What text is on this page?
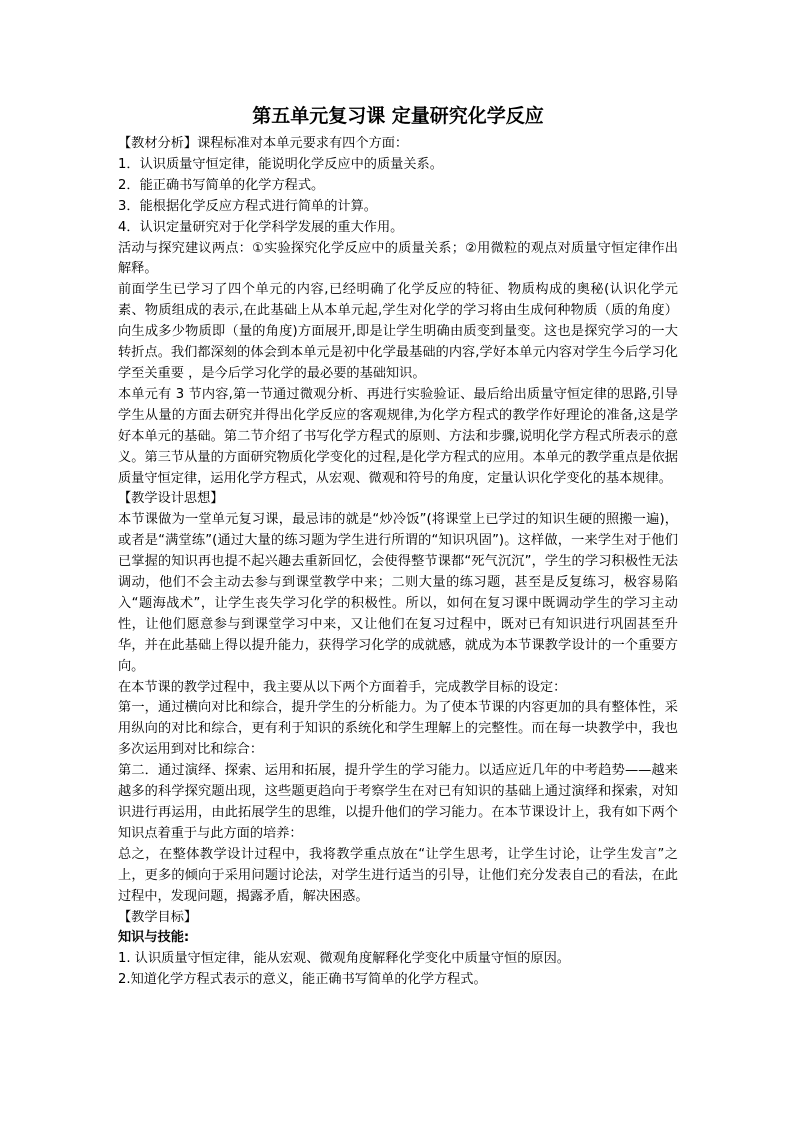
第五单元复习课 定量研究化学反应

【教材分析】课程标准对本单元要求有四个方面：

1．认识质量守恒定律，能说明化学反应中的质量关系。

2．能正确书写简单的化学方程式。

3．能根据化学反应方程式进行简单的计算。

4．认识定量研究对于化学科学发展的重大作用。

活动与探究建议两点：①实验探究化学反应中的质量关系；②用微粒的观点对质量守恒定律作出解释。

前面学生已学习了四个单元的内容,已经明确了化学反应的特征、物质构成的奥秘(认识化学元素、物质组成的表示,在此基础上从本单元起,学生对化学的学习将由生成何种物质（质的角度）向生成多少物质即（量的角度)方面展开,即是让学生明确由质变到量变。这也是探究学习的一大转折点。我们都深刻的体会到本单元是初中化学最基础的内容,学好本单元内容对学生今后学习化学至关重要 ，是今后学习化学的最必要的基础知识。

本单元有 3 节内容,第一节通过微观分析、再进行实验验证、最后给出质量守恒定律的思路,引导学生从量的方面去研究并得出化学反应的客观规律,为化学方程式的教学作好理论的准备,这是学好本单元的基础。第二节介绍了书写化学方程式的原则、方法和步骤,说明化学方程式所表示的意义。第三节从量的方面研究物质化学变化的过程,是化学方程式的应用。本单元的教学重点是依据质量守恒定律，运用化学方程式，从宏观、微观和符号的角度，定量认识化学变化的基本规律。

【教学设计思想】

本节课做为一堂单元复习课，最忌讳的就是“炒冷饭”(将课堂上已学过的知识生硬的照搬一遍)，或者是“满堂练”(通过大量的练习题为学生进行所谓的“知识巩固”)。这样做，一来学生对于他们已掌握的知识再也提不起兴趣去重新回忆，会使得整节课都“死气沉沉”，学生的学习积极性无法调动，他们不会主动去参与到课堂教学中来；二则大量的练习题，甚至是反复练习，极容易陷入“题海战术”，让学生丧失学习化学的积极性。所以，如何在复习课中既调动学生的学习主动性，让他们愿意参与到课堂学习中来，又让他们在复习过程中，既对已有知识进行巩固甚至升华，并在此基础上得以提升能力，获得学习化学的成就感，就成为本节课教学设计的一个重要方向。

在本节课的教学过程中，我主要从以下两个方面着手，完成教学目标的设定：

第一，通过横向对比和综合，提升学生的分析能力。为了使本节课的内容更加的具有整体性，采用纵向的对比和综合，更有利于知识的系统化和学生理解上的完整性。而在每一块教学中，我也多次运用到对比和综合：

第二．通过演绎、探索、运用和拓展，提升学生的学习能力。以适应近几年的中考趋势——越来越多的科学探究题出现，这些题更趋向于考察学生在对已有知识的基础上通过演绎和探索，对知识进行再运用，由此拓展学生的思维，以提升他们的学习能力。在本节课设计上，我有如下两个知识点着重于与此方面的培养：

总之，在整体教学设计过程中，我将教学重点放在“让学生思考，让学生讨论，让学生发言”之上，更多的倾向于采用问题讨论法，对学生进行适当的引导，让他们充分发表自己的看法，在此过程中，发现问题，揭露矛盾，解决困惑。

【教学目标】

知识与技能:

1. 认识质量守恒定律，能从宏观、微观角度解释化学变化中质量守恒的原因。

2.知道化学方程式表示的意义，能正确书写简单的化学方程式。
